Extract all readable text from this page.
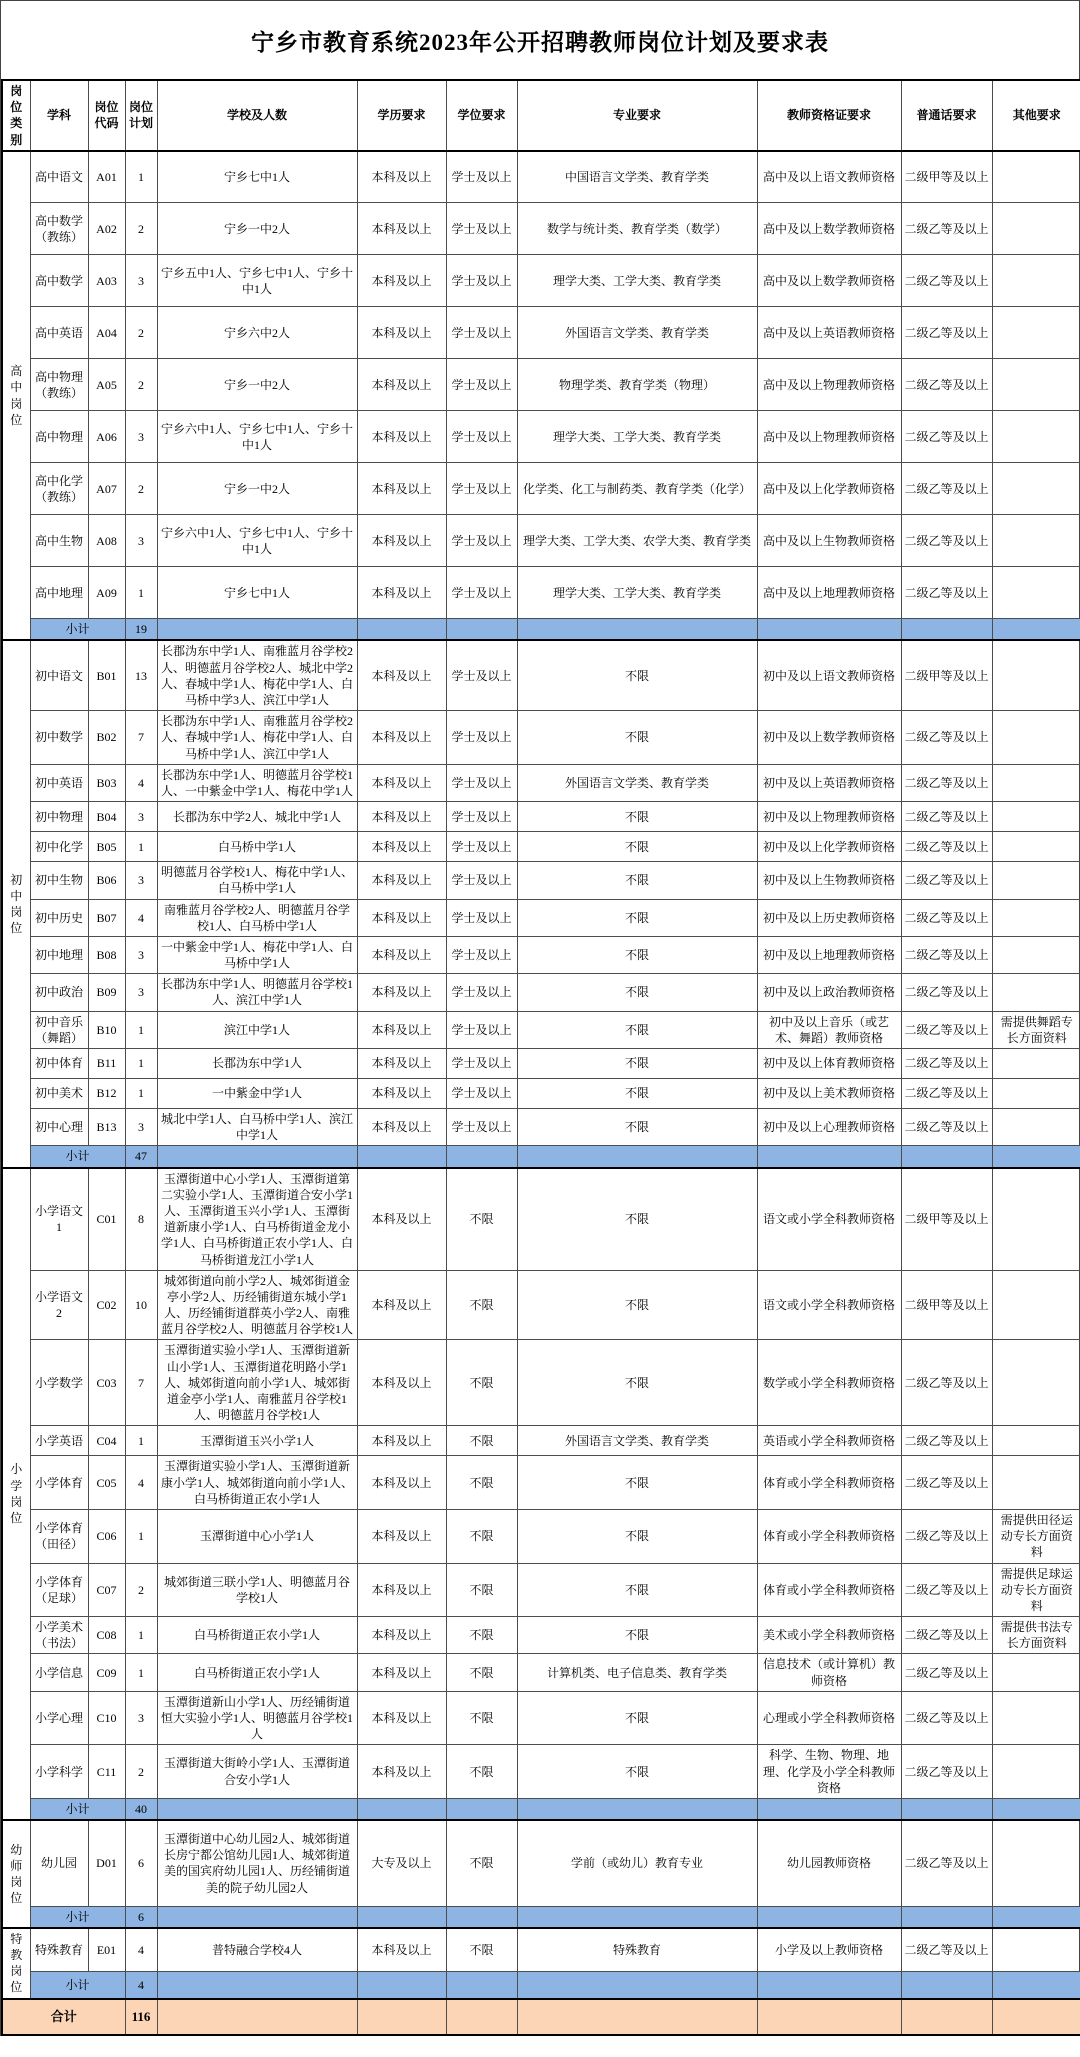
宁乡市教育系统2023年公开招聘教师岗位计划及要求表
岗位类别	学科	岗位代码	岗位计划	学校及人数	学历要求	学位要求	专业要求	教师资格证要求	普通话要求	其他要求
高中岗位	高中语文	A01	1	宁乡七中1人	本科及以上	学士及以上	中国语言文学类、教育学类	高中及以上语文教师资格	二级甲等及以上	
	高中数学（教练）	A02	2	宁乡一中2人	本科及以上	学士及以上	数学与统计类、教育学类（数学）	高中及以上数学教师资格	二级乙等及以上	
	高中数学	A03	3	宁乡五中1人、宁乡七中1人、宁乡十中1人	本科及以上	学士及以上	理学大类、工学大类、教育学类	高中及以上数学教师资格	二级乙等及以上	
	高中英语	A04	2	宁乡六中2人	本科及以上	学士及以上	外国语言文学类、教育学类	高中及以上英语教师资格	二级乙等及以上	
	高中物理（教练）	A05	2	宁乡一中2人	本科及以上	学士及以上	物理学类、教育学类（物理）	高中及以上物理教师资格	二级乙等及以上	
	高中物理	A06	3	宁乡六中1人、宁乡七中1人、宁乡十中1人	本科及以上	学士及以上	理学大类、工学大类、教育学类	高中及以上物理教师资格	二级乙等及以上	
	高中化学（教练）	A07	2	宁乡一中2人	本科及以上	学士及以上	化学类、化工与制药类、教育学类（化学）	高中及以上化学教师资格	二级乙等及以上	
	高中生物	A08	3	宁乡六中1人、宁乡七中1人、宁乡十中1人	本科及以上	学士及以上	理学大类、工学大类、农学大类、教育学类	高中及以上生物教师资格	二级乙等及以上	
	高中地理	A09	1	宁乡七中1人	本科及以上	学士及以上	理学大类、工学大类、教育学类	高中及以上地理教师资格	二级乙等及以上	
	小计		19							
初中岗位	初中语文	B01	13	长郡沩东中学1人、南雅蓝月谷学校2人、明德蓝月谷学校2人、城北中学2人、春城中学1人、梅花中学1人、白马桥中学3人、滨江中学1人	本科及以上	学士及以上	不限	初中及以上语文教师资格	二级甲等及以上	
	初中数学	B02	7	长郡沩东中学1人、南雅蓝月谷学校2人、春城中学1人、梅花中学1人、白马桥中学1人、滨江中学1人	本科及以上	学士及以上	不限	初中及以上数学教师资格	二级乙等及以上	
	初中英语	B03	4	长郡沩东中学1人、明德蓝月谷学校1人、一中紫金中学1人、梅花中学1人	本科及以上	学士及以上	外国语言文学类、教育学类	初中及以上英语教师资格	二级乙等及以上	
	初中物理	B04	3	长郡沩东中学2人、城北中学1人	本科及以上	学士及以上	不限	初中及以上物理教师资格	二级乙等及以上	
	初中化学	B05	1	白马桥中学1人	本科及以上	学士及以上	不限	初中及以上化学教师资格	二级乙等及以上	
	初中生物	B06	3	明德蓝月谷学校1人、梅花中学1人、白马桥中学1人	本科及以上	学士及以上	不限	初中及以上生物教师资格	二级乙等及以上	
	初中历史	B07	4	南雅蓝月谷学校2人、明德蓝月谷学校1人、白马桥中学1人	本科及以上	学士及以上	不限	初中及以上历史教师资格	二级乙等及以上	
	初中地理	B08	3	一中紫金中学1人、梅花中学1人、白马桥中学1人	本科及以上	学士及以上	不限	初中及以上地理教师资格	二级乙等及以上	
	初中政治	B09	3	长郡沩东中学1人、明德蓝月谷学校1人、滨江中学1人	本科及以上	学士及以上	不限	初中及以上政治教师资格	二级乙等及以上	
	初中音乐（舞蹈）	B10	1	滨江中学1人	本科及以上	学士及以上	不限	初中及以上音乐（或艺术、舞蹈）教师资格	二级乙等及以上	需提供舞蹈专长方面资料
	初中体育	B11	1	长郡沩东中学1人	本科及以上	学士及以上	不限	初中及以上体育教师资格	二级乙等及以上	
	初中美术	B12	1	一中紫金中学1人	本科及以上	学士及以上	不限	初中及以上美术教师资格	二级乙等及以上	
	初中心理	B13	3	城北中学1人、白马桥中学1人、滨江中学1人	本科及以上	学士及以上	不限	初中及以上心理教师资格	二级乙等及以上	
	小计		47							
小学岗位	小学语文1	C01	8	玉潭街道中心小学1人、玉潭街道第二实验小学1人、玉潭街道合安小学1人、玉潭街道玉兴小学1人、玉潭街道新康小学1人、白马桥街道金龙小学1人、白马桥街道正农小学1人、白马桥街道龙江小学1人	本科及以上	不限	不限	语文或小学全科教师资格	二级甲等及以上	
	小学语文2	C02	10	城郊街道向前小学2人、城郊街道金亭小学2人、历经铺街道东城小学1人、历经铺街道群英小学2人、南雅蓝月谷学校2人、明德蓝月谷学校1人	本科及以上	不限	不限	语文或小学全科教师资格	二级甲等及以上	
	小学数学	C03	7	玉潭街道实验小学1人、玉潭街道新山小学1人、玉潭街道花明路小学1人、城郊街道向前小学1人、城郊街道金亭小学1人、南雅蓝月谷学校1人、明德蓝月谷学校1人	本科及以上	不限	不限	数学或小学全科教师资格	二级乙等及以上	
	小学英语	C04	1	玉潭街道玉兴小学1人	本科及以上	不限	外国语言文学类、教育学类	英语或小学全科教师资格	二级乙等及以上	
	小学体育	C05	4	玉潭街道实验小学1人、玉潭街道新康小学1人、城郊街道向前小学1人、白马桥街道正农小学1人	本科及以上	不限	不限	体育或小学全科教师资格	二级乙等及以上	
	小学体育（田径）	C06	1	玉潭街道中心小学1人	本科及以上	不限	不限	体育或小学全科教师资格	二级乙等及以上	需提供田径运动专长方面资料
	小学体育（足球）	C07	2	城郊街道三联小学1人、明德蓝月谷学校1人	本科及以上	不限	不限	体育或小学全科教师资格	二级乙等及以上	需提供足球运动专长方面资料
	小学美术（书法）	C08	1	白马桥街道正农小学1人	本科及以上	不限	不限	美术或小学全科教师资格	二级乙等及以上	需提供书法专长方面资料
	小学信息	C09	1	白马桥街道正农小学1人	本科及以上	不限	计算机类、电子信息类、教育学类	信息技术（或计算机）教师资格	二级乙等及以上	
	小学心理	C10	3	玉潭街道新山小学1人、历经铺街道恒大实验小学1人、明德蓝月谷学校1人	本科及以上	不限	不限	心理或小学全科教师资格	二级乙等及以上	
	小学科学	C11	2	玉潭街道大街岭小学1人、玉潭街道合安小学1人	本科及以上	不限	不限	科学、生物、物理、地理、化学及小学全科教师资格	二级乙等及以上	
	小计		40							
幼师岗位	幼儿园	D01	6	玉潭街道中心幼儿园2人、城郊街道长房宁都公馆幼儿园1人、城郊街道美的国宾府幼儿园1人、历经铺街道美的院子幼儿园2人	大专及以上	不限	学前（或幼儿）教育专业	幼儿园教师资格	二级乙等及以上	
	小计		6							
特教岗位	特殊教育	E01	4	普特融合学校4人	本科及以上	不限	特殊教育	小学及以上教师资格	二级乙等及以上	
	小计		4							
合计			116							
